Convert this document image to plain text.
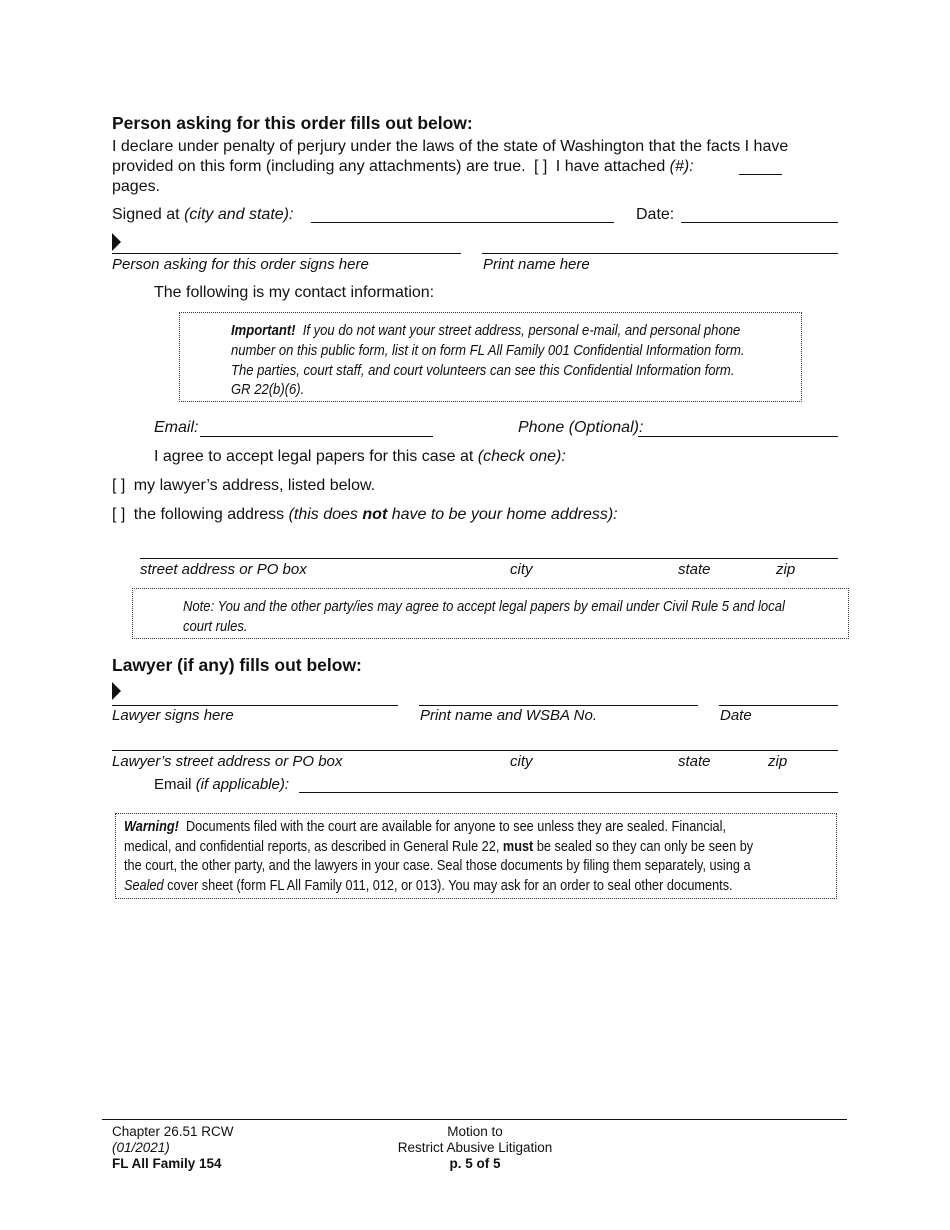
Person asking for this order fills out below:
I declare under penalty of perjury under the laws of the state of Washington that the facts I have
provided on this form (including any attachments) are true. [ ] I have attached (#):
pages.
Signed at (city and state):	Date:
Person asking for this order signs here	Print name here
The following is my contact information:
Important! If you do not want your street address, personal e-mail, and personal phone
number on this public form, list it on form FL All Family 001 Confidential Information form.
The parties, court staff, and court volunteers can see this Confidential Information form.
GR 22(b)(6).
Email:	Phone (Optional):
I agree to accept legal papers for this case at (check one):
[ ] my lawyer’s address, listed below.
[ ] the following address (this does not have to be your home address):
street address or PO box	city	state	zip
Note: You and the other party/ies may agree to accept legal papers by email under Civil Rule 5 and local
court rules.
Lawyer (if any) fills out below:
Lawyer signs here	Print name and WSBA No.	Date
Lawyer’s street address or PO box	city	state	zip
Email (if applicable):
Warning! Documents filed with the court are available for anyone to see unless they are sealed. Financial,
medical, and confidential reports, as described in General Rule 22, must be sealed so they can only be seen by
the court, the other party, and the lawyers in your case. Seal those documents by filing them separately, using a
Sealed cover sheet (form FL All Family 011, 012, or 013). You may ask for an order to seal other documents.
Chapter 26.51 RCW
(01/2021)
FL All Family 154
Motion to
Restrict Abusive Litigation
p. 5 of 5
